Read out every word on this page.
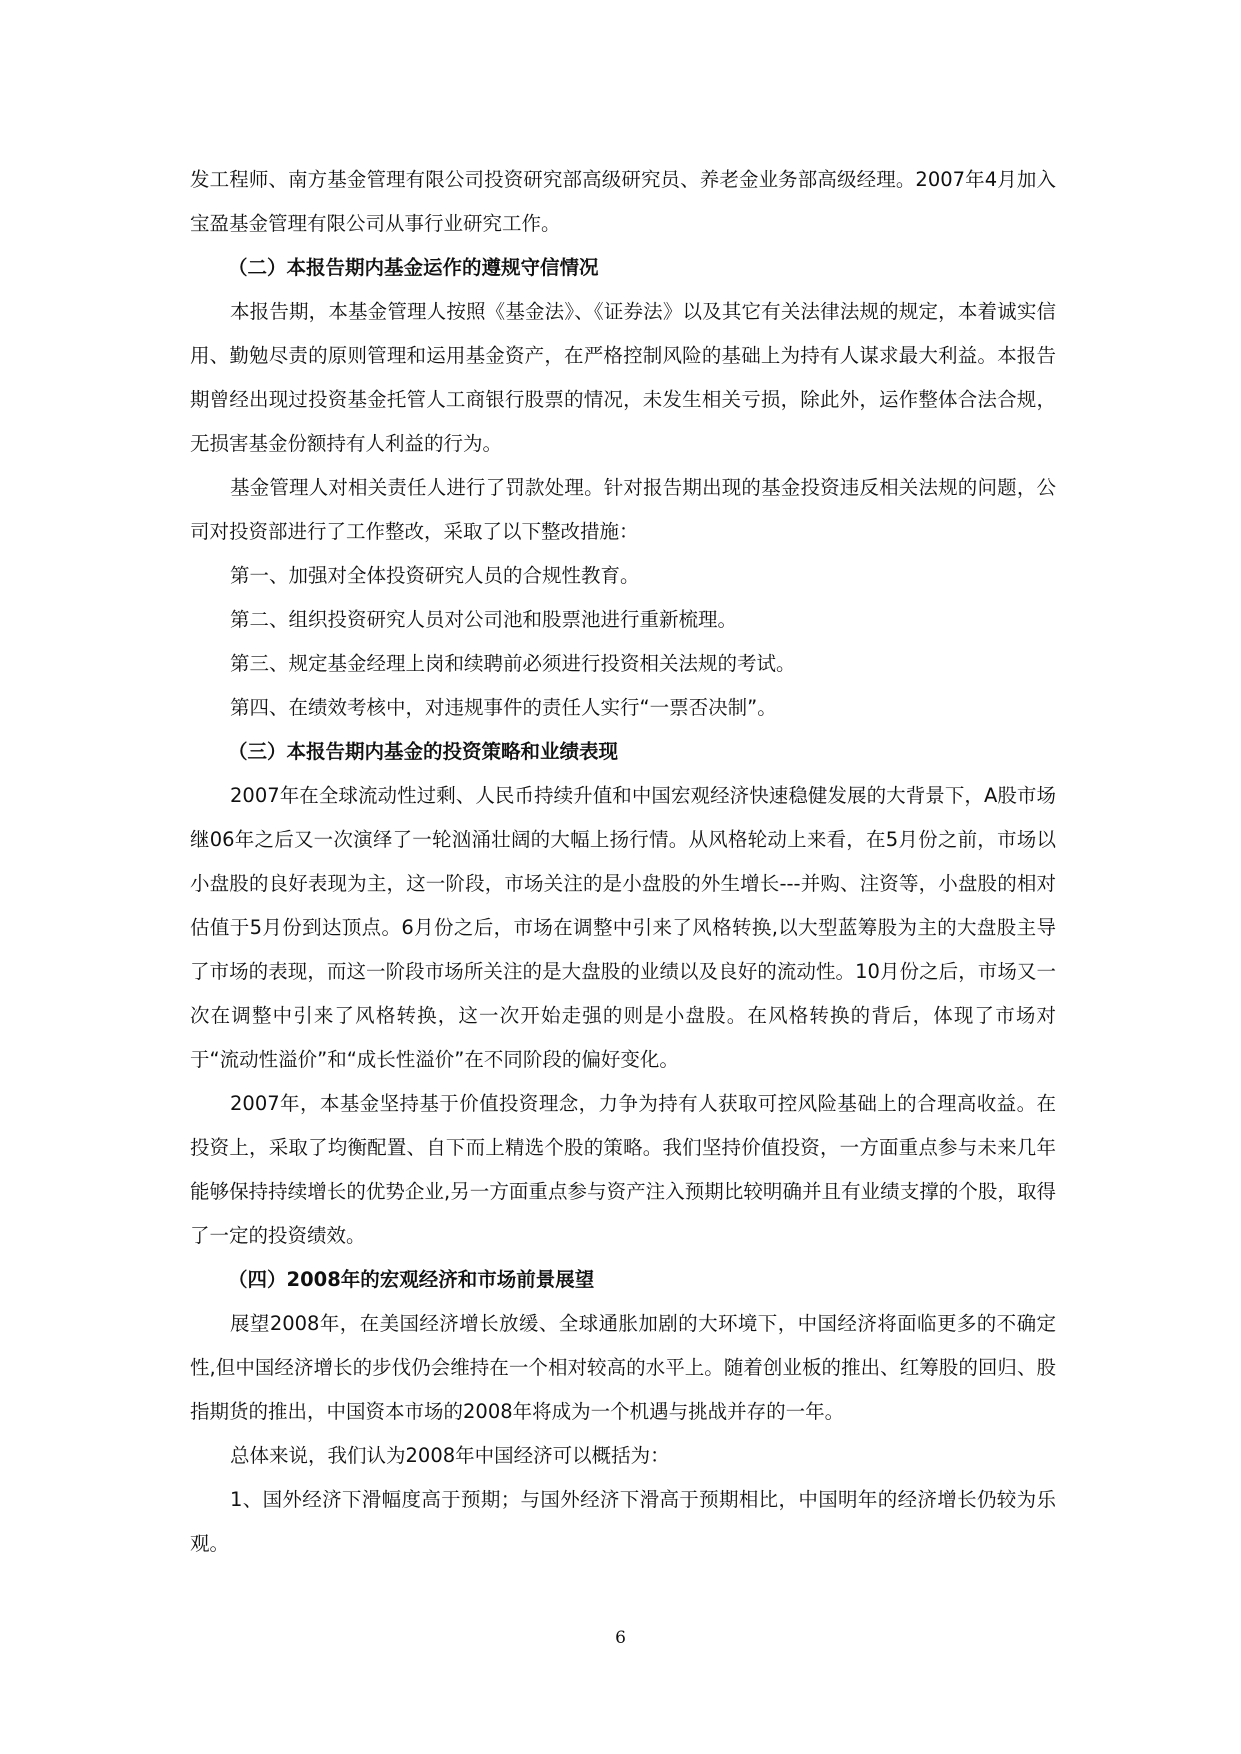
发工程师、南方基金管理有限公司投资研究部高级研究员、养老金业务部高级经理。2007年4月加入宝盈基金管理有限公司从事行业研究工作。

（二）本报告期内基金运作的遵规守信情况

本报告期，本基金管理人按照《基金法》、《证券法》以及其它有关法律法规的规定，本着诚实信用、勤勉尽责的原则管理和运用基金资产，在严格控制风险的基础上为持有人谋求最大利益。本报告期曾经出现过投资基金托管人工商银行股票的情况，未发生相关亏损，除此外，运作整体合法合规，无损害基金份额持有人利益的行为。

基金管理人对相关责任人进行了罚款处理。针对报告期出现的基金投资违反相关法规的问题，公司对投资部进行了工作整改，采取了以下整改措施：

第一、加强对全体投资研究人员的合规性教育。

第二、组织投资研究人员对公司池和股票池进行重新梳理。

第三、规定基金经理上岗和续聘前必须进行投资相关法规的考试。

第四、在绩效考核中，对违规事件的责任人实行“一票否决制”。

（三）本报告期内基金的投资策略和业绩表现

2007年在全球流动性过剩、人民币持续升值和中国宏观经济快速稳健发展的大背景下，A股市场继06年之后又一次演绎了一轮汹涌壮阔的大幅上扬行情。从风格轮动上来看，在5月份之前，市场以小盘股的良好表现为主，这一阶段，市场关注的是小盘股的外生增长---并购、注资等，小盘股的相对估值于5月份到达顶点。6月份之后，市场在调整中引来了风格转换,以大型蓝筹股为主的大盘股主导了市场的表现，而这一阶段市场所关注的是大盘股的业绩以及良好的流动性。10月份之后，市场又一次在调整中引来了风格转换，这一次开始走强的则是小盘股。在风格转换的背后，体现了市场对于“流动性溢价”和“成长性溢价”在不同阶段的偏好变化。

2007年，本基金坚持基于价值投资理念，力争为持有人获取可控风险基础上的合理高收益。在投资上，采取了均衡配置、自下而上精选个股的策略。我们坚持价值投资，一方面重点参与未来几年能够保持持续增长的优势企业,另一方面重点参与资产注入预期比较明确并且有业绩支撑的个股，取得了一定的投资绩效。

（四）2008年的宏观经济和市场前景展望

展望2008年，在美国经济增长放缓、全球通胀加剧的大环境下，中国经济将面临更多的不确定性,但中国经济增长的步伐仍会维持在一个相对较高的水平上。随着创业板的推出、红筹股的回归、股指期货的推出，中国资本市场的2008年将成为一个机遇与挑战并存的一年。

总体来说，我们认为2008年中国经济可以概括为：

1、国外经济下滑幅度高于预期；与国外经济下滑高于预期相比，中国明年的经济增长仍较为乐观。

6
